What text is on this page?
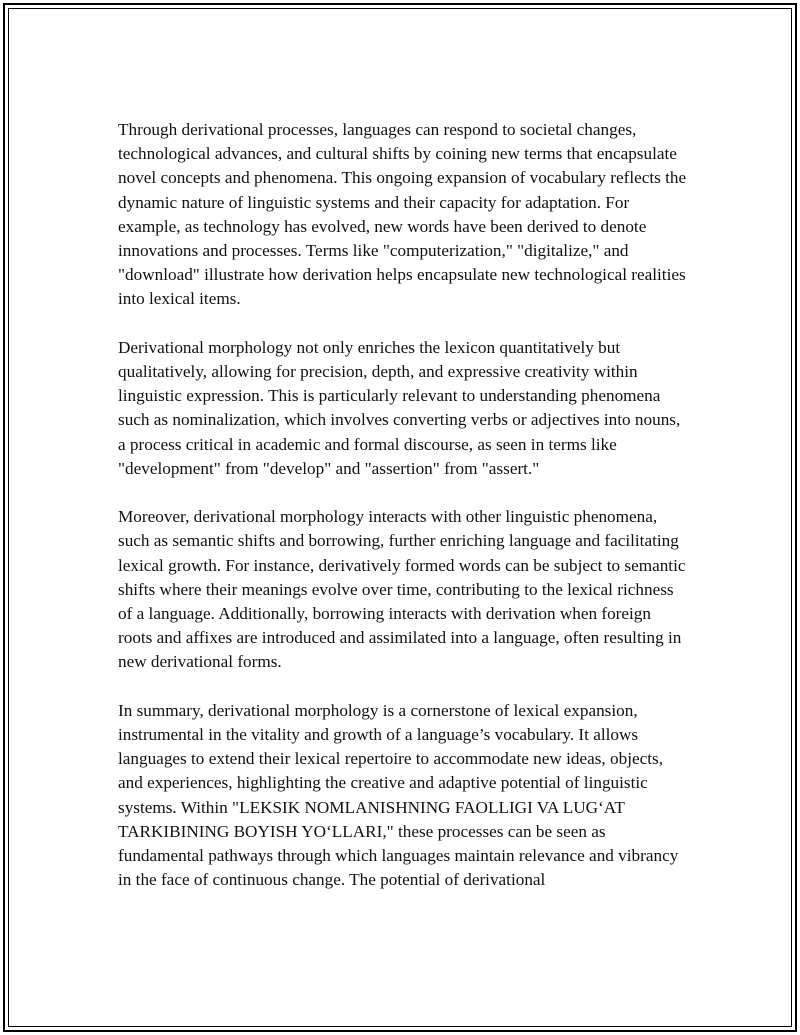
Through derivational processes, languages can respond to societal changes, technological advances, and cultural shifts by coining new terms that encapsulate novel concepts and phenomena. This ongoing expansion of vocabulary reflects the dynamic nature of linguistic systems and their capacity for adaptation. For example, as technology has evolved, new words have been derived to denote innovations and processes. Terms like "computerization," "digitalize," and "download" illustrate how derivation helps encapsulate new technological realities into lexical items.

Derivational morphology not only enriches the lexicon quantitatively but qualitatively, allowing for precision, depth, and expressive creativity within linguistic expression. This is particularly relevant to understanding phenomena such as nominalization, which involves converting verbs or adjectives into nouns, a process critical in academic and formal discourse, as seen in terms like "development" from "develop" and "assertion" from "assert."

Moreover, derivational morphology interacts with other linguistic phenomena, such as semantic shifts and borrowing, further enriching language and facilitating lexical growth. For instance, derivatively formed words can be subject to semantic shifts where their meanings evolve over time, contributing to the lexical richness of a language. Additionally, borrowing interacts with derivation when foreign roots and affixes are introduced and assimilated into a language, often resulting in new derivational forms.

In summary, derivational morphology is a cornerstone of lexical expansion, instrumental in the vitality and growth of a language’s vocabulary. It allows languages to extend their lexical repertoire to accommodate new ideas, objects, and experiences, highlighting the creative and adaptive potential of linguistic systems. Within "LEKSIK NOMLANISHNING FAOLLIGI VA LUG‘AT TARKIBINING BOYISH YO‘LLARI," these processes can be seen as fundamental pathways through which languages maintain relevance and vibrancy in the face of continuous change. The potential of derivational
